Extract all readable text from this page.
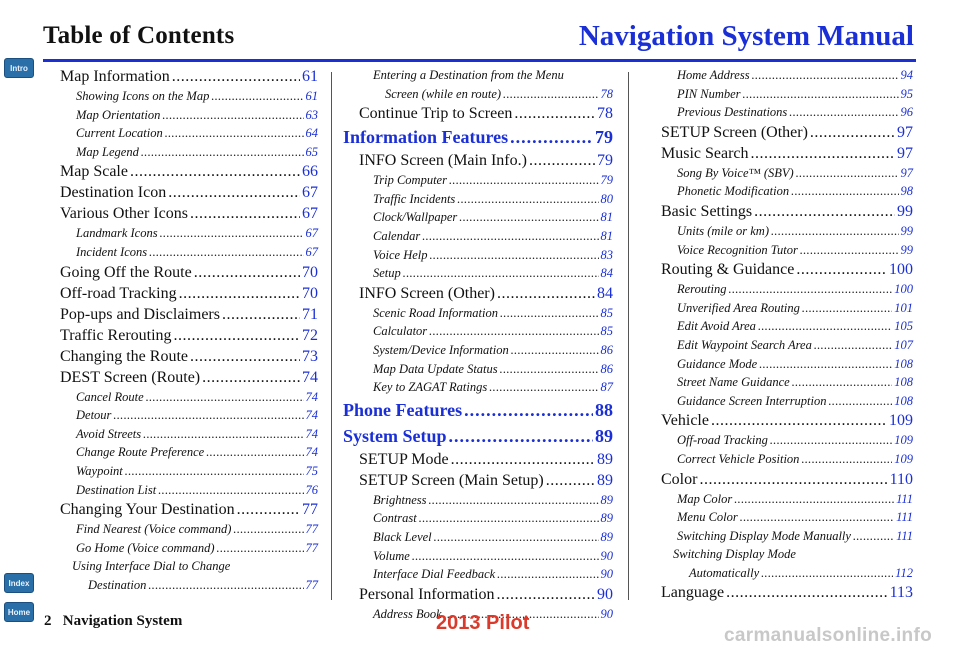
Table of Contents	Navigation System Manual
Intro
Index
Home
Map Information .....	61
Showing Icons on the Map .....	61
Map Orientation .....	63
Current Location .....	64
Map Legend .....	65
Map Scale .....	66
Destination Icon .....	67
Various Other Icons .....	67
Landmark Icons .....	67
Incident Icons .....	67
Going Off the Route .....	70
Off-road Tracking .....	70
Pop-ups and Disclaimers .....	71
Traffic Rerouting .....	72
Changing the Route .....	73
DEST Screen (Route) .....	74
Cancel Route .....	74
Detour .....	74
Avoid Streets .....	74
Change Route Preference .....	74
Waypoint .....	75
Destination List .....	76
Changing Your Destination .....	77
Find Nearest (Voice command) .....	77
Go Home (Voice command) .....	77
Using Interface Dial to Change
Destination .....	77
Entering a Destination from the Menu
Screen (while en route) .....	78
Continue Trip to Screen .....	78
Information Features .....	79
INFO Screen (Main Info.) .....	79
Trip Computer .....	79
Traffic Incidents .....	80
Clock/Wallpaper .....	81
Calendar .....	81
Voice Help .....	83
Setup .....	84
INFO Screen (Other) .....	84
Scenic Road Information .....	85
Calculator .....	85
System/Device Information .....	86
Map Data Update Status .....	86
Key to ZAGAT Ratings .....	87
Phone Features .....	88
System Setup .....	89
SETUP Mode .....	89
SETUP Screen (Main Setup) .....	89
Brightness .....	89
Contrast .....	89
Black Level .....	89
Volume .....	90
Interface Dial Feedback .....	90
Personal Information .....	90
Address Book .....	90
Home Address .....	94
PIN Number .....	95
Previous Destinations .....	96
SETUP Screen (Other) .....	97
Music Search .....	97
Song By Voice™ (SBV) .....	97
Phonetic Modification .....	98
Basic Settings .....	99
Units (mile or km) .....	99
Voice Recognition Tutor .....	99
Routing & Guidance .....	100
Rerouting .....	100
Unverified Area Routing .....	101
Edit Avoid Area .....	105
Edit Waypoint Search Area .....	107
Guidance Mode .....	108
Street Name Guidance .....	108
Guidance Screen Interruption .....	108
Vehicle .....	109
Off-road Tracking .....	109
Correct Vehicle Position .....	109
Color .....	110
Map Color .....	111
Menu Color .....	111
Switching Display Mode Manually .....	111
Switching Display Mode
Automatically .....	112
Language .....	113
2 Navigation System	2013 Pilot
carmanualsonline.info
